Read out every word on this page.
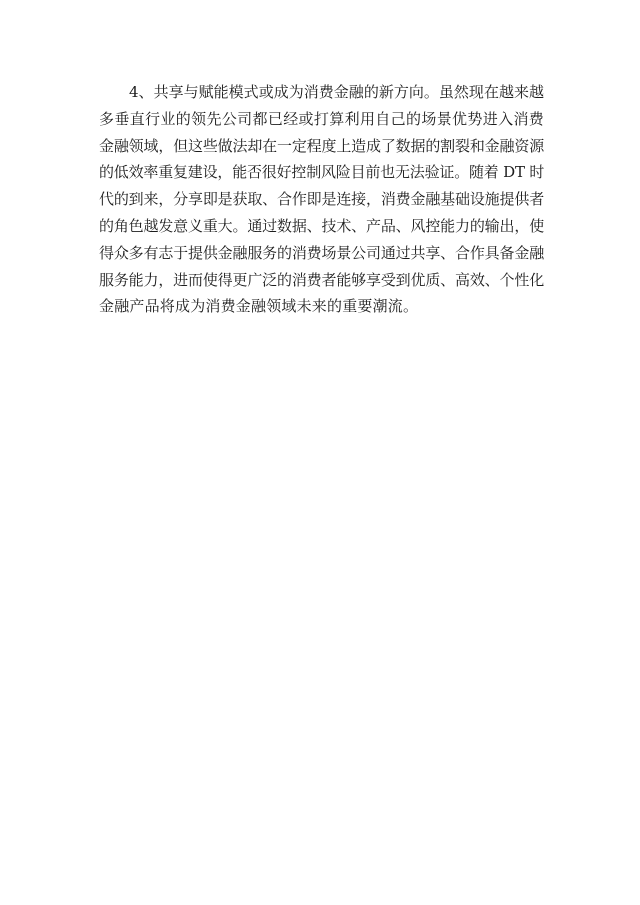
4、共享与赋能模式或成为消费金融的新方向。虽然现在越来越
多垂直行业的领先公司都已经或打算利用自己的场景优势进入消费
金融领域，但这些做法却在一定程度上造成了数据的割裂和金融资源
的低效率重复建设，能否很好控制风险目前也无法验证。随着 DT 时
代的到来，分享即是获取、合作即是连接，消费金融基础设施提供者
的角色越发意义重大。通过数据、技术、产品、风控能力的输出，使
得众多有志于提供金融服务的消费场景公司通过共享、合作具备金融
服务能力，进而使得更广泛的消费者能够享受到优质、高效、个性化
金融产品将成为消费金融领域未来的重要潮流。
